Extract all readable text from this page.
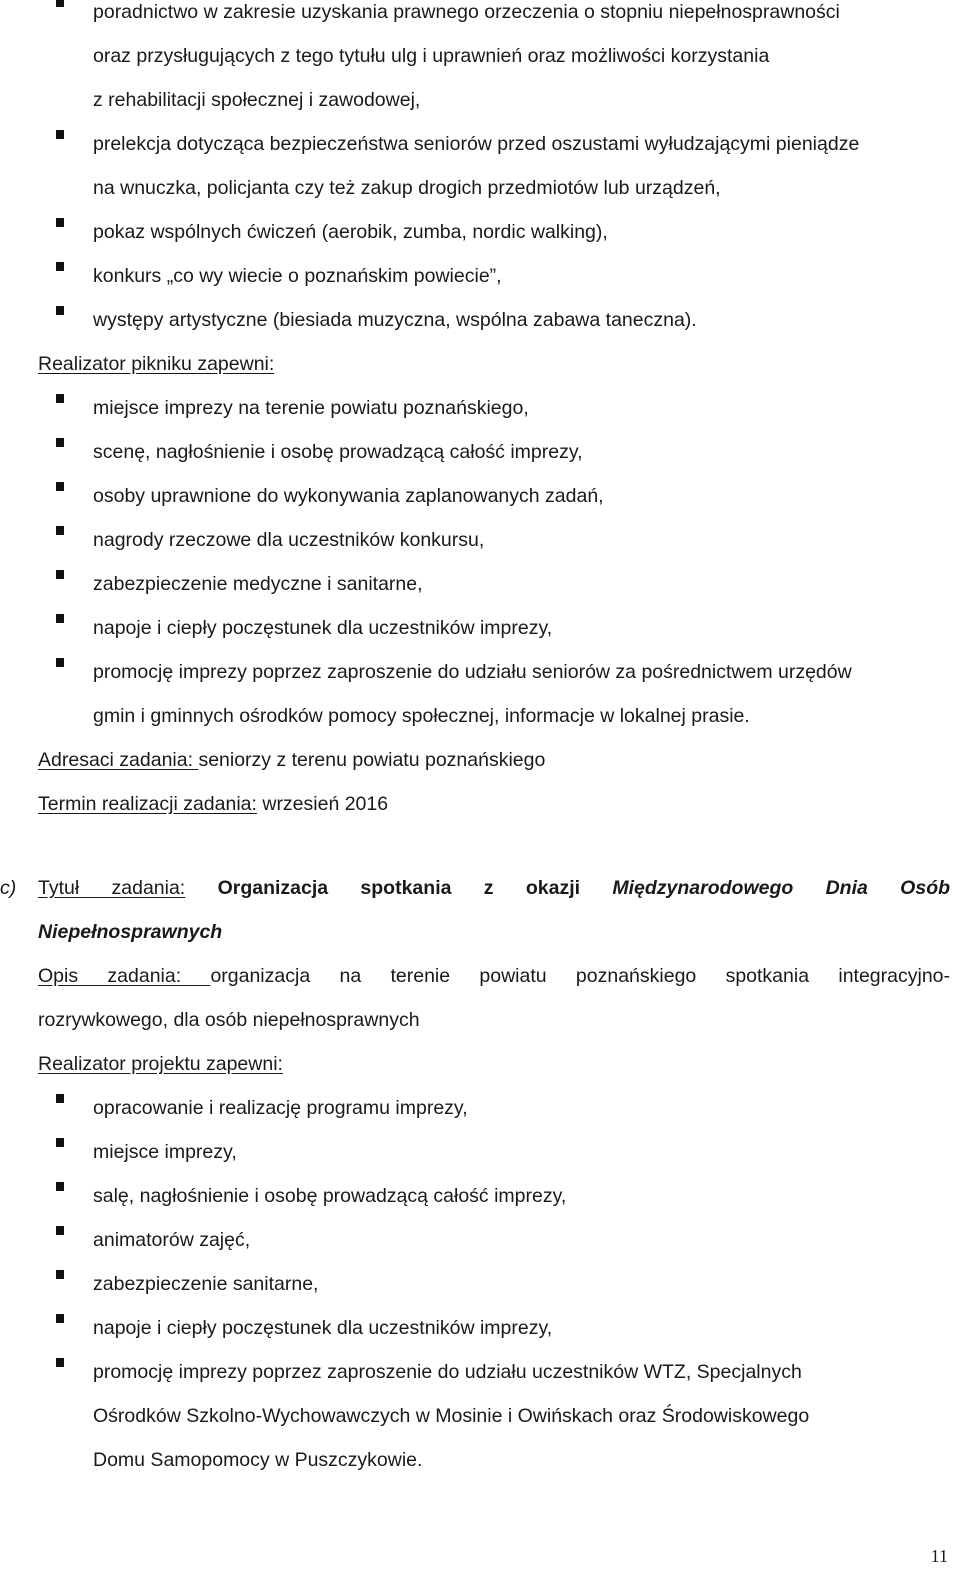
poradnictwo w zakresie uzyskania prawnego orzeczenia o stopniu niepełnosprawności
oraz przysługujących z tego tytułu ulg i uprawnień oraz możliwości korzystania
z rehabilitacji społecznej i zawodowej,
prelekcja dotycząca bezpieczeństwa seniorów przed oszustami wyłudzającymi pieniądze
na wnuczka, policjanta czy też zakup drogich przedmiotów lub urządzeń,
pokaz wspólnych ćwiczeń (aerobik, zumba, nordic walking),
konkurs „co wy wiecie o poznańskim powiecie”,
występy artystyczne (biesiada muzyczna, wspólna zabawa taneczna).
Realizator pikniku zapewni:
miejsce imprezy na terenie powiatu poznańskiego,
scenę, nagłośnienie i osobę prowadzącą całość imprezy,
osoby uprawnione do wykonywania zaplanowanych zadań,
nagrody rzeczowe dla uczestników konkursu,
zabezpieczenie medyczne i sanitarne,
napoje i ciepły poczęstunek dla uczestników imprezy,
promocję imprezy poprzez zaproszenie do udziału seniorów za pośrednictwem urzędów
gmin i gminnych ośrodków pomocy społecznej, informacje w lokalnej prasie.
Adresaci zadania: seniorzy z terenu powiatu poznańskiego
Termin realizacji zadania: wrzesień 2016
c) Tytuł zadania: Organizacja spotkania z okazji Międzynarodowego Dnia Osób
Niepełnosprawnych
Opis zadania: organizacja na terenie powiatu poznańskiego spotkania integracyjno-
rozrywkowego, dla osób niepełnosprawnych
Realizator projektu zapewni:
opracowanie i realizację programu imprezy,
miejsce imprezy,
salę, nagłośnienie i osobę prowadzącą całość imprezy,
animatorów zajęć,
zabezpieczenie sanitarne,
napoje i ciepły poczęstunek dla uczestników imprezy,
promocję imprezy poprzez zaproszenie do udziału uczestników WTZ, Specjalnych
Ośrodków Szkolno-Wychowawczych w Mosinie i Owińskach oraz Środowiskowego
Domu Samopomocy w Puszczykowie.
11
